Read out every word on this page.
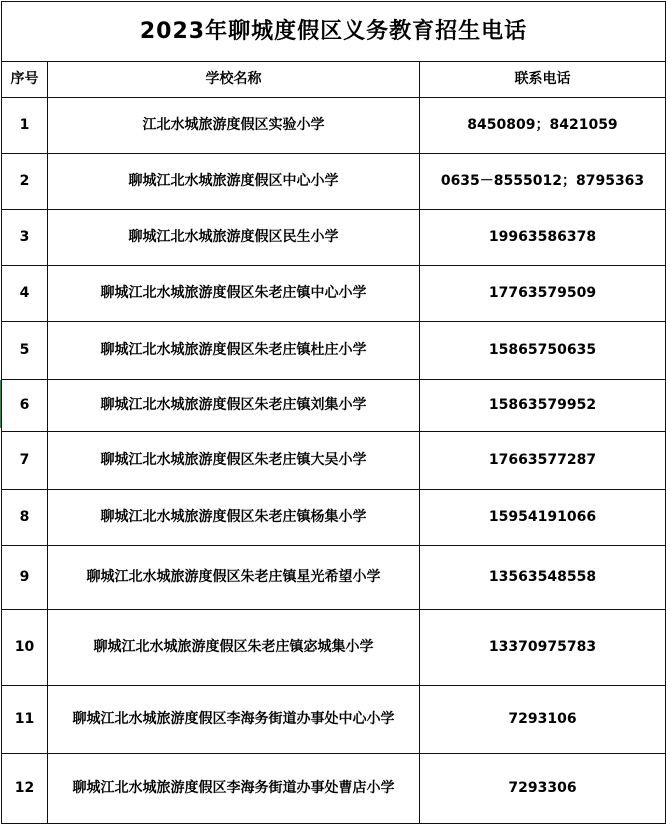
2023年聊城度假区义务教育招生电话		
序号	学校名称	联系电话
1	江北水城旅游度假区实验小学	8450809；8421059
2	聊城江北水城旅游度假区中心小学	0635－8555012；8795363
3	聊城江北水城旅游度假区民生小学	19963586378
4	聊城江北水城旅游度假区朱老庄镇中心小学	17763579509
5	聊城江北水城旅游度假区朱老庄镇杜庄小学	15865750635
6	聊城江北水城旅游度假区朱老庄镇刘集小学	15863579952
7	聊城江北水城旅游度假区朱老庄镇大吴小学	17663577287
8	聊城江北水城旅游度假区朱老庄镇杨集小学	15954191066
9	聊城江北水城旅游度假区朱老庄镇星光希望小学	13563548558
10	聊城江北水城旅游度假区朱老庄镇宓城集小学	13370975783
11	聊城江北水城旅游度假区李海务街道办事处中心小学	7293106
12	聊城江北水城旅游度假区李海务街道办事处曹店小学	7293306
